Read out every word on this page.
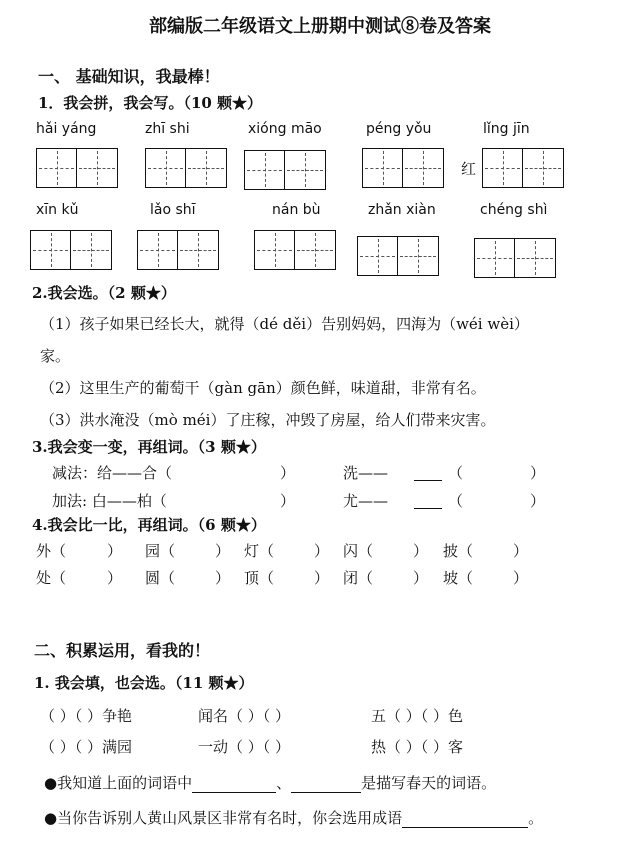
部编版二年级语文上册期中测试⑧卷及答案
一、 基础知识，我最棒！
1．我会拼，我会写。（10 颗★）
hǎi yáng	zhī shi	xióng māo	péng yǒu	lǐng jīn
红
xīn kǔ	lǎo shī	nán bù	zhǎn xiàn	chéng shì
2.我会选。（2 颗★）
（1）孩子如果已经长大，就得（dé děi）告别妈妈，四海为（wéi wèi）
家。
（2）这里生产的葡萄干（gàn gān）颜色鲜，味道甜，非常有名。
（3）洪水淹没（mò méi）了庄稼，冲毁了房屋，给人们带来灾害。
3.我会变一变，再组词。（3 颗★）
减法：给——合（	）	洗——	（	）
加法: 白——柏（	）	尤——	（	）
4.我会比一比，再组词。（6 颗★）
外（	） 园（	） 灯（	） 闪（	） 披（	）
处（	） 圆（	） 顶（	） 闭（	） 坡（	）
二、积累运用，看我的！
1. 我会填，也会选。（11 颗★）
（ ）（ ）争艳	闻名（ ）（ ）	五（ ）（ ）色
（ ）（ ）满园	一动（ ）（ ）	热（ ）（ ）客
●我知道上面的词语中	、	是描写春天的词语。
●当你告诉别人黄山风景区非常有名时，你会选用成语	。
